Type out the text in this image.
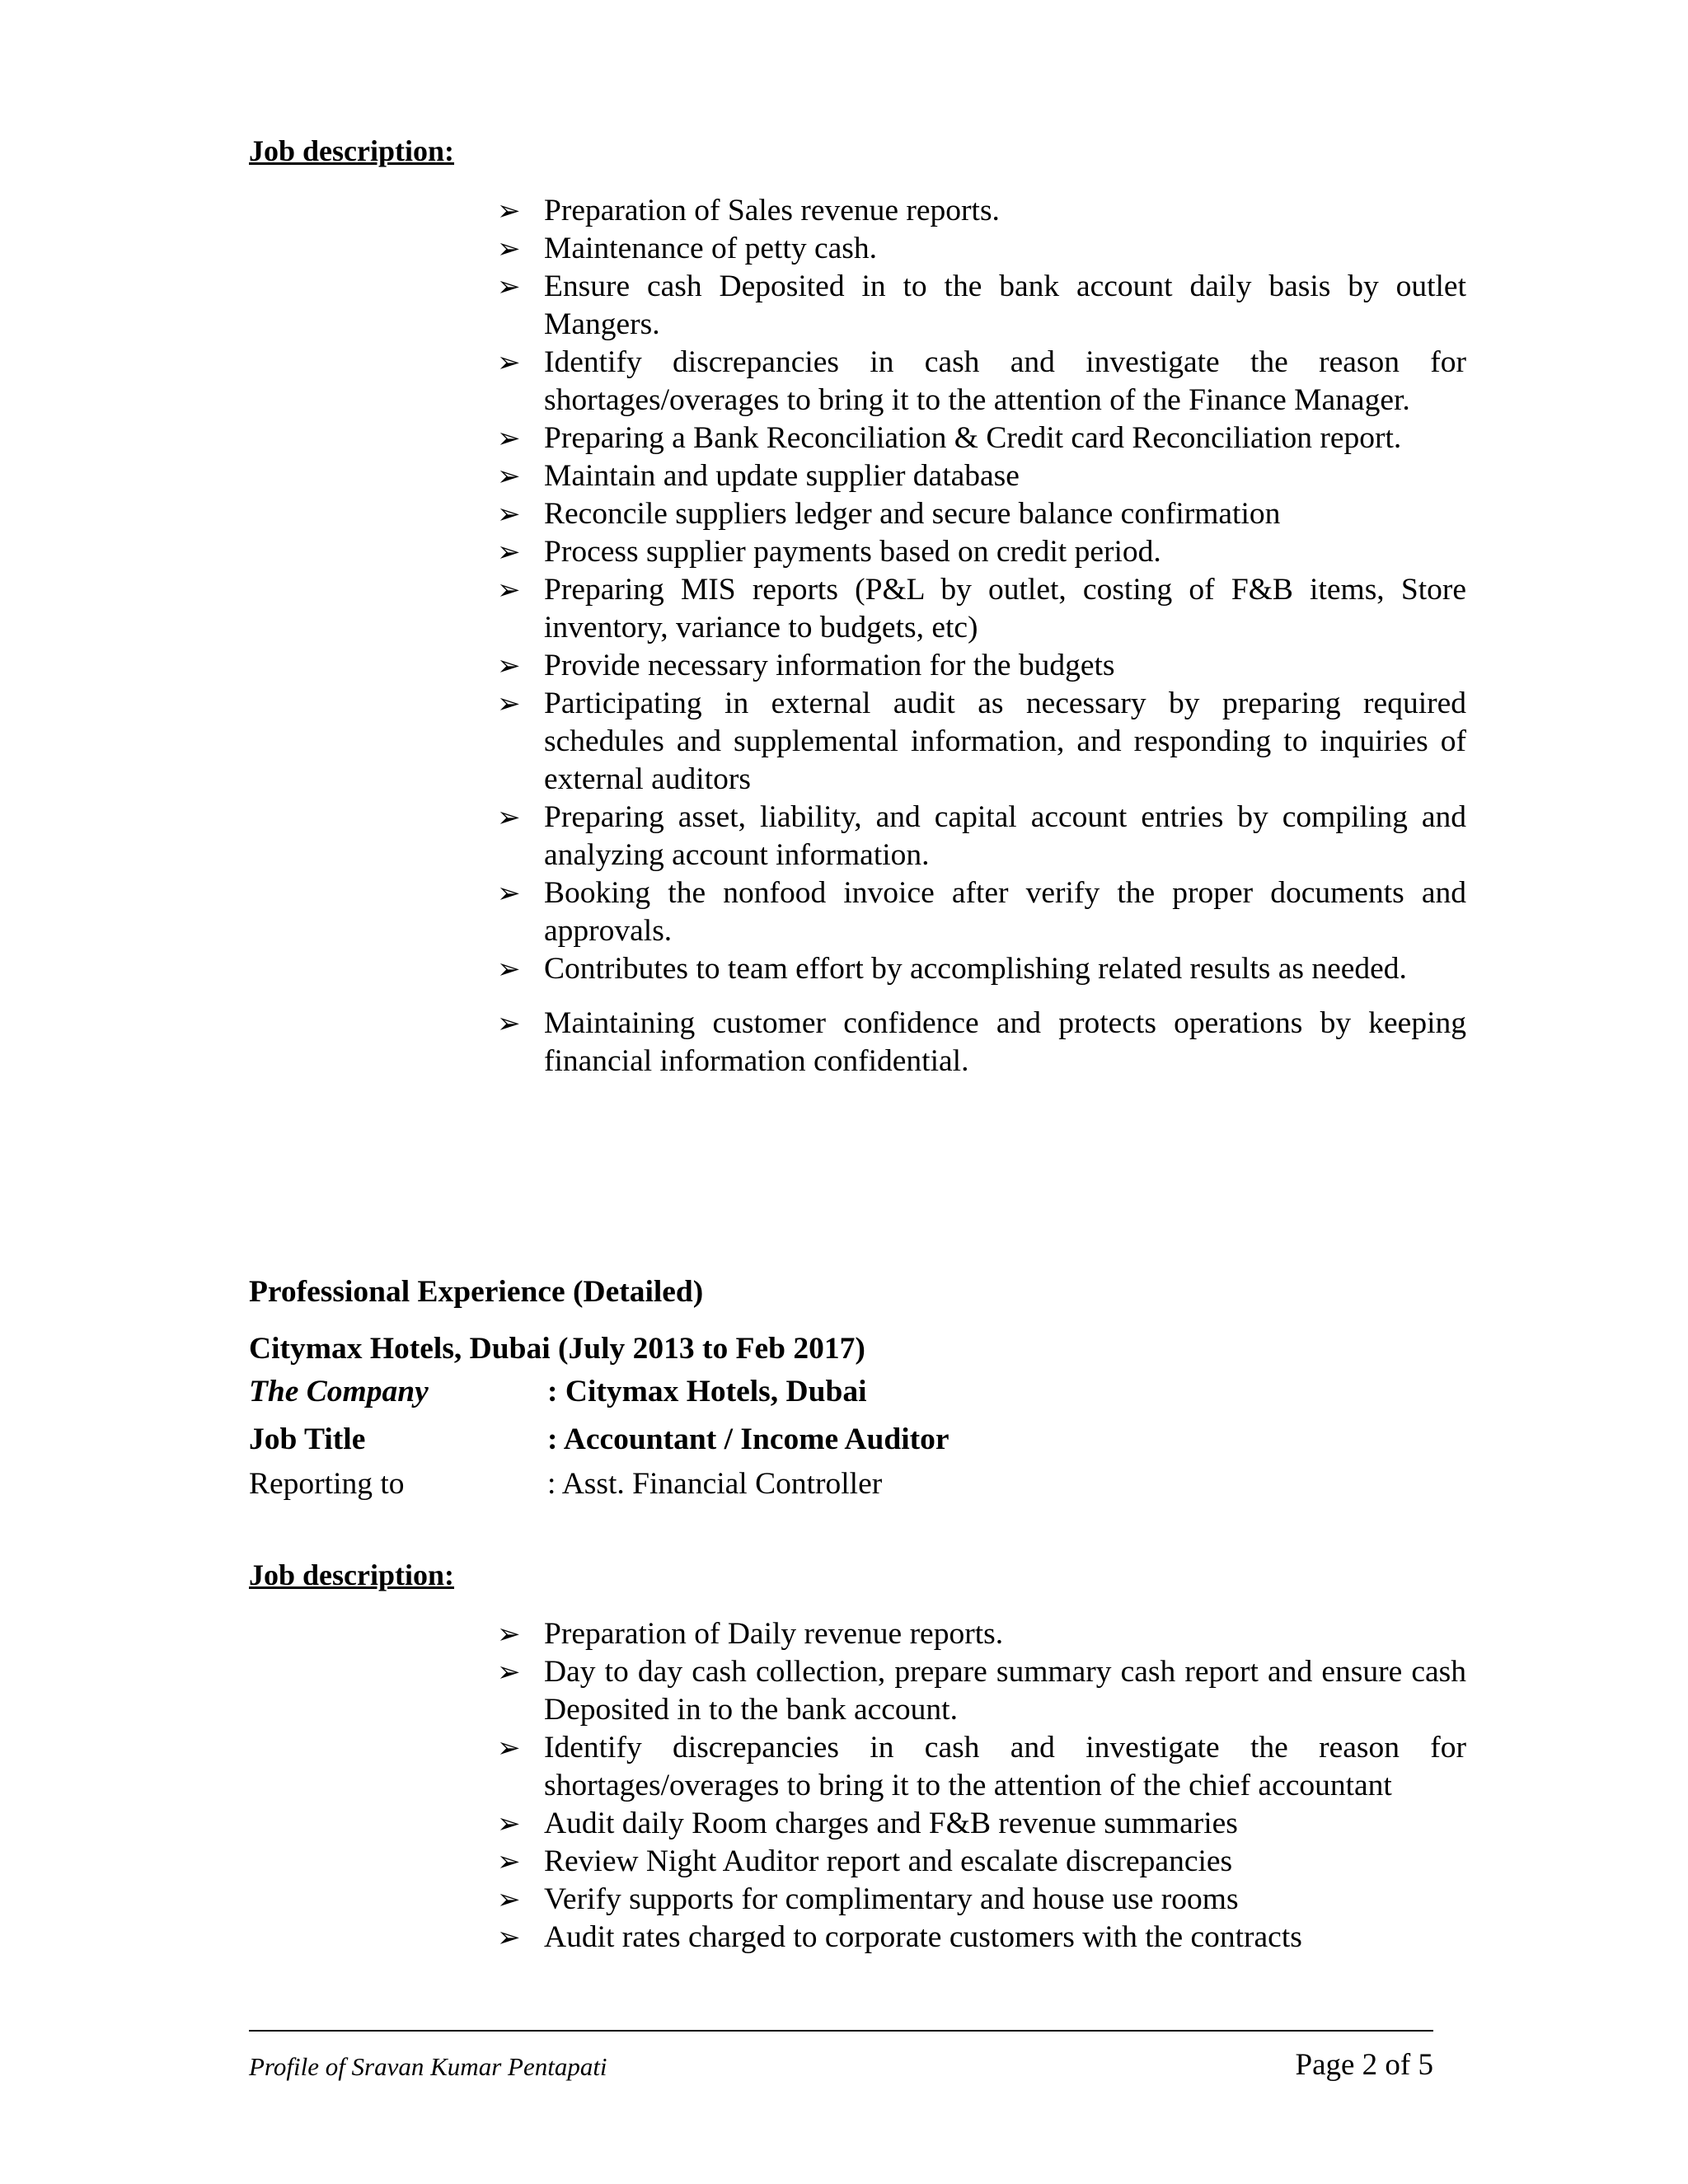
Job description:

➢ Preparation of Sales revenue reports.
➢ Maintenance of petty cash.
➢ Ensure cash Deposited in to the bank account daily basis by outlet Mangers.
➢ Identify discrepancies in cash and investigate the reason for shortages/overages to bring it to the attention of the Finance Manager.
➢ Preparing a Bank Reconciliation & Credit card Reconciliation report.
➢ Maintain and update supplier database
➢ Reconcile suppliers ledger and secure balance confirmation
➢ Process supplier payments based on credit period.
➢ Preparing MIS reports (P&L by outlet, costing of F&B items, Store inventory, variance to budgets, etc)
➢ Provide necessary information for the budgets
➢ Participating in external audit as necessary by preparing required schedules and supplemental information, and responding to inquiries of external auditors
➢ Preparing asset, liability, and capital account entries by compiling and analyzing account information.
➢ Booking the nonfood invoice after verify the proper documents and approvals.
➢ Contributes to team effort by accomplishing related results as needed.
➢ Maintaining customer confidence and protects operations by keeping financial information confidential.

Professional Experience (Detailed)

Citymax Hotels, Dubai (July 2013 to Feb 2017)

The Company	: Citymax Hotels, Dubai
Job Title	: Accountant / Income Auditor
Reporting to	: Asst. Financial Controller

Job description:

➢ Preparation of Daily revenue reports.
➢ Day to day cash collection, prepare summary cash report and ensure cash Deposited in to the bank account.
➢ Identify discrepancies in cash and investigate the reason for shortages/overages to bring it to the attention of the chief accountant
➢ Audit daily Room charges and F&B revenue summaries
➢ Review Night Auditor report and escalate discrepancies
➢ Verify supports for complimentary and house use rooms
➢ Audit rates charged to corporate customers with the contracts
Profile of Sravan Kumar Pentapati	Page 2 of 5
